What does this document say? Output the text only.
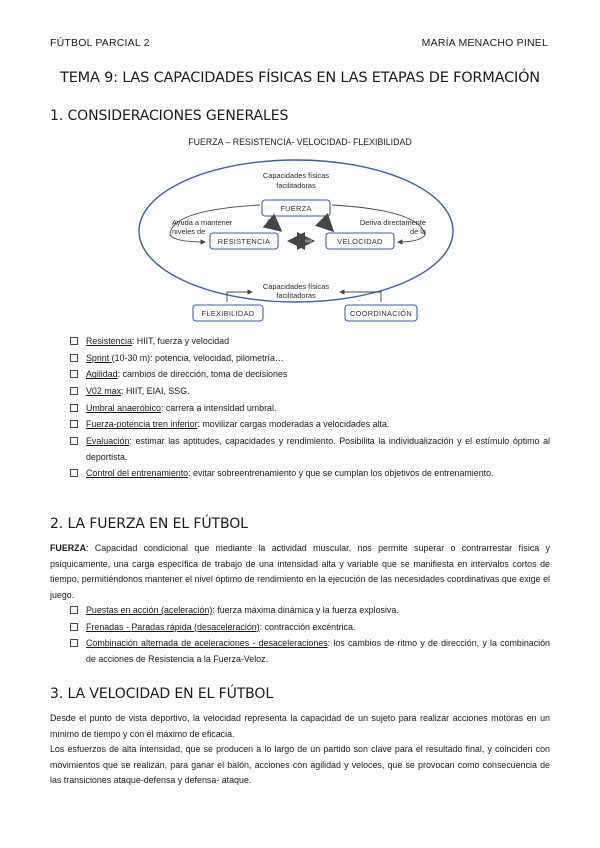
FÚTBOL PARCIAL 2	MARÍA MENACHO PINEL
TEMA 9: LAS CAPACIDADES FÍSICAS EN LAS ETAPAS DE FORMACIÓN
1. CONSIDERACIONES GENERALES
FUERZA – RESISTENCIA- VELOCIDAD- FLEXIBILIDAD
Capacidades físicas
facilitadoras
FUERZA
RESISTENCIA	VELOCIDAD
Ayuda a mantener
niveles de
Deriva directamente
de la
Capacidades físicas
facilitadoras
FLEXIBILIDAD	COORDINACIÓN
Resistencia: HIIT, fuerza y velocidad
Sprint (10-30 m): potencia, velocidad, pilometría…
Agilidad: cambios de dirección, toma de decisiones
V02 max: HIIT, EIAI, SSG.
Umbral anaeróbico: carrera a intensidad umbral.
Fuerza-potencia tren inferior: movilizar cargas moderadas a velocidades alta.
Evaluación: estimar las aptitudes, capacidades y rendimiento. Posibilita la individualización y el estímulo óptimo al deportista.
Control del entrenamiento: evitar sobreentrenamiento y que se cumplan los objetivos de entrenamiento.
2. LA FUERZA EN EL FÚTBOL

FUERZA: Capacidad condicional que mediante la actividad muscular, nos permite superar o contrarrestar física y psíquicamente, una carga específica de trabajo de una intensidad alta y variable que se manifiesta en intervalos cortos de tiempo, permitiéndonos mantener el nivel óptimo de rendimiento en la ejecución de las necesidades coordinativas que exige el juego.

Puestas en acción (aceleración): fuerza máxima dinámica y la fuerza explosiva.
Frenadas - Paradas rápida (desaceleración): contracción excéntrica.
Combinación alternada de aceleraciones - desaceleraciones: los cambios de ritmo y de dirección, y la combinación de acciones de Resistencia a la Fuerza-Veloz.
3. LA VELOCIDAD EN EL FÚTBOL

Desde el punto de vista deportivo, la velocidad representa la capacidad de un sujeto para realizar acciones motoras en un mínimo de tiempo y con el máximo de eficacia.

Los esfuerzos de alta intensidad, que se producen a lo largo de un partido son clave para el resultado final, y coinciden con movimientos que se realizan, para ganar el balón, acciones con agilidad y veloces, que se provocan como consecuencia de las transiciones ataque-defensa y defensa- ataque.
